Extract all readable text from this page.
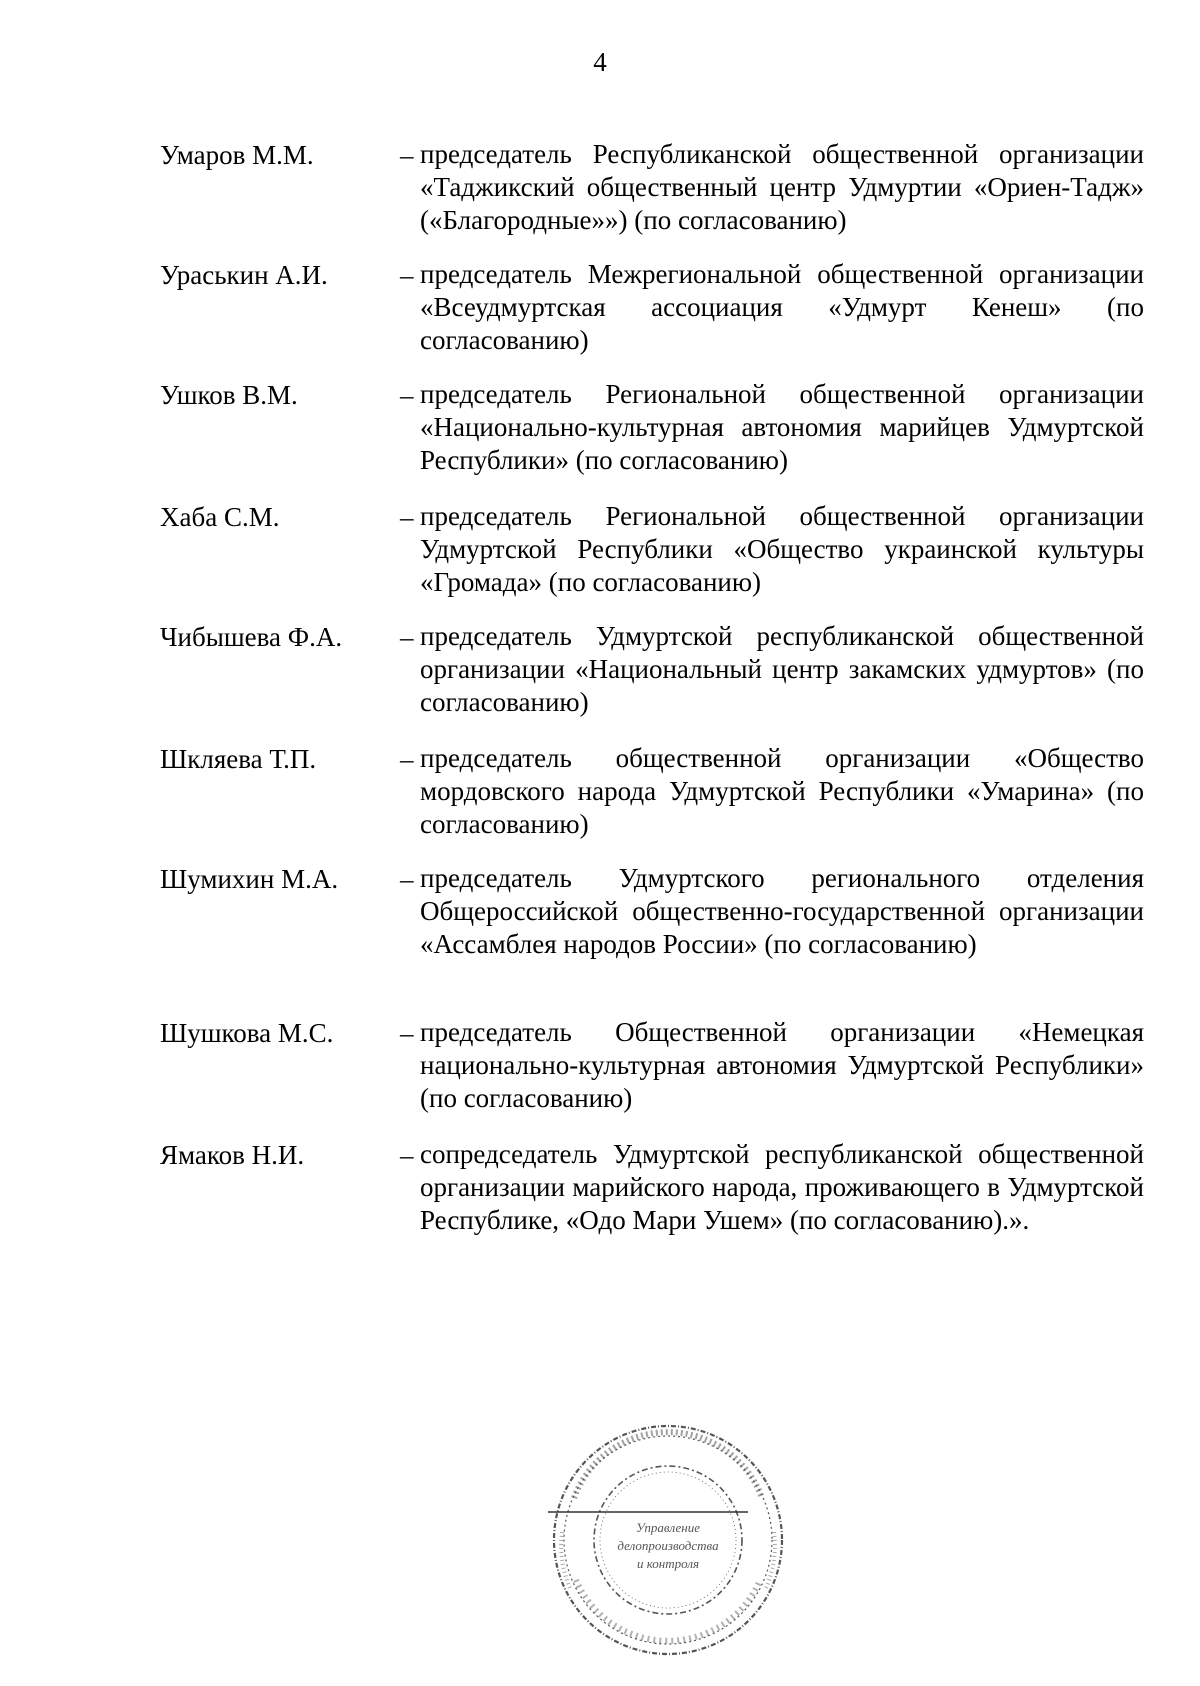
4
Умаров М.М.	– председатель Республиканской общественной организации «Таджикский общественный центр Удмуртии «Ориен-Тадж» («Благородные»») (по согласованию)
Ураськин А.И.	– председатель Межрегиональной общественной организации «Всеудмуртская ассоциация «Удмурт Кенеш» (по согласованию)
Ушков В.М.	– председатель Региональной общественной организации «Национально-культурная автономия марийцев Удмуртской Республики» (по согласованию)
Хаба С.М.	– председатель Региональной общественной организации Удмуртской Республики «Общество украинской культуры «Громада» (по согласованию)
Чибышева Ф.А. – председатель Удмуртской республиканской общественной организации «Национальный центр закамских удмуртов» (по согласованию)
Шкляева Т.П.	– председатель общественной организации «Общество мордовского народа Удмуртской Республики «Умарина» (по согласованию)
Шумихин М.А. – председатель Удмуртского регионального отделения Общероссийской общественно-государственной организации «Ассамблея народов России» (по согласованию)
Шушкова М.С. – председатель Общественной организации «Немецкая национально-культурная автономия Удмуртской Республики» (по согласованию)
Ямаков Н.И.	– сопредседатель Удмуртской республиканской общественной организации марийского народа, проживающего в Удмуртской Республике, «Одо Мари Ушем» (по согласованию).».
Управление
делопроизводства
и контроля
